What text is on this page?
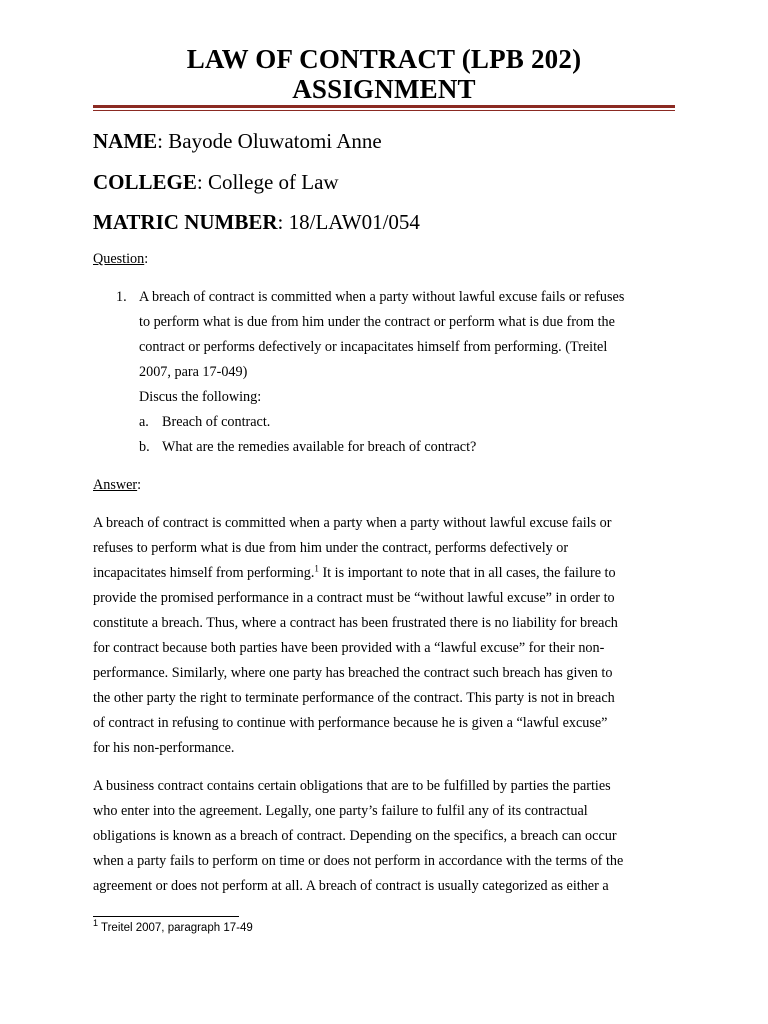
LAW OF CONTRACT (LPB 202)
ASSIGNMENT
NAME: Bayode Oluwatomi Anne
COLLEGE: College of Law
MATRIC NUMBER: 18/LAW01/054
Question:
1. A breach of contract is committed when a party without lawful excuse fails or refuses
to perform what is due from him under the contract or perform what is due from the
contract or performs defectively or incapacitates himself from performing. (Treitel
2007, para 17-049)
Discus the following:
a. Breach of contract.
b. What are the remedies available for breach of contract?
Answer:
A breach of contract is committed when a party when a party without lawful excuse fails or
refuses to perform what is due from him under the contract, performs defectively or
incapacitates himself from performing.$^1$ It is important to note that in all cases, the failure to
provide the promised performance in a contract must be “without lawful excuse” in order to
constitute a breach. Thus, where a contract has been frustrated there is no liability for breach
for contract because both parties have been provided with a “lawful excuse” for their non-
performance. Similarly, where one party has breached the contract such breach has given to
the other party the right to terminate performance of the contract. This party is not in breach
of contract in refusing to continue with performance because he is given a “lawful excuse”
for his non-performance.
A business contract contains certain obligations that are to be fulfilled by parties the parties
who enter into the agreement. Legally, one party’s failure to fulfil any of its contractual
obligations is known as a breach of contract. Depending on the specifics, a breach can occur
when a party fails to perform on time or does not perform in accordance with the terms of the
agreement or does not perform at all. A breach of contract is usually categorized as either a
$^1$ Treitel 2007, paragraph 17-49
